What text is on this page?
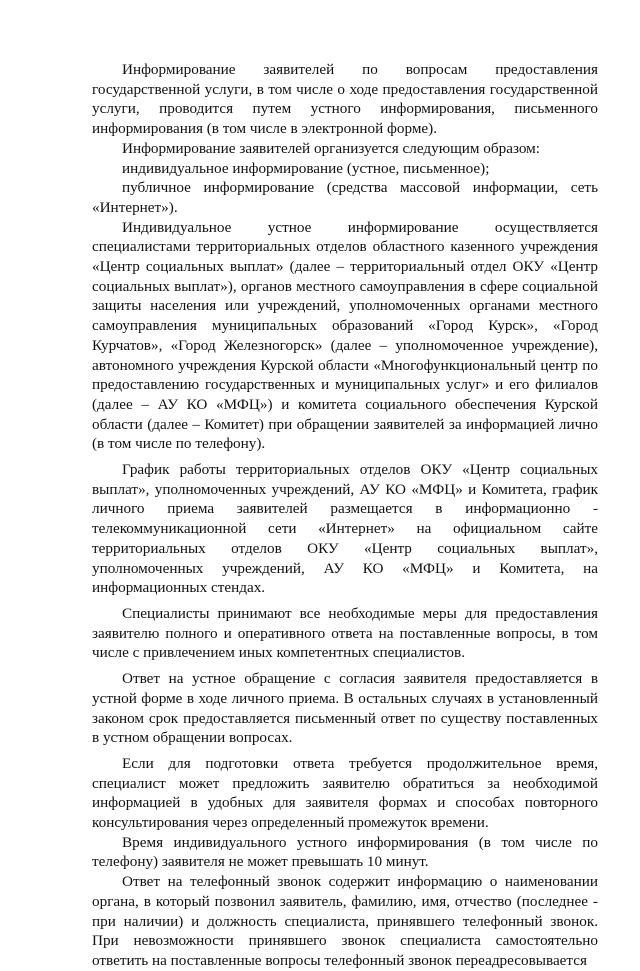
Информирование заявителей по вопросам предоставления государственной услуги, в том числе о ходе предоставления государственной услуги, проводится путем устного информирования, письменного информирования (в том числе в электронной форме).

Информирование заявителей организуется следующим образом:

индивидуальное информирование (устное, письменное);

публичное информирование (средства массовой информации, сеть «Интернет»).

Индивидуальное устное информирование осуществляется специалистами территориальных отделов областного казенного учреждения «Центр социальных выплат» (далее – территориальный отдел ОКУ «Центр социальных выплат»), органов местного самоуправления в сфере социальной защиты населения или учреждений, уполномоченных органами местного самоуправления муниципальных образований «Город Курск», «Город Курчатов», «Город Железногорск» (далее – уполномоченное учреждение), автономного учреждения Курской области «Многофункциональный центр по предоставлению государственных и муниципальных услуг» и его филиалов (далее – АУ КО «МФЦ») и комитета социального обеспечения Курской области (далее – Комитет) при обращении заявителей за информацией лично (в том числе по телефону).

График работы территориальных отделов ОКУ «Центр социальных выплат», уполномоченных учреждений, АУ КО «МФЦ» и Комитета, график личного приема заявителей размещается в информационно - телекоммуникационной сети «Интернет» на официальном сайте территориальных отделов ОКУ «Центр социальных выплат», уполномоченных учреждений, АУ КО «МФЦ» и Комитета, на информационных стендах.

Специалисты принимают все необходимые меры для предоставления заявителю полного и оперативного ответа на поставленные вопросы, в том числе с привлечением иных компетентных специалистов.

Ответ на устное обращение с согласия заявителя предоставляется в устной форме в ходе личного приема. В остальных случаях в установленный законом срок предоставляется письменный ответ по существу поставленных в устном обращении вопросах.

Если для подготовки ответа требуется продолжительное время, специалист может предложить заявителю обратиться за необходимой информацией в удобных для заявителя формах и способах повторного консультирования через определенный промежуток времени.

Время индивидуального устного информирования (в том числе по телефону) заявителя не может превышать 10 минут.

Ответ на телефонный звонок содержит информацию о наименовании органа, в который позвонил заявитель, фамилию, имя, отчество (последнее - при наличии) и должность специалиста, принявшего телефонный звонок. При невозможности принявшего звонок специалиста самостоятельно ответить на поставленные вопросы телефонный звонок переадресовывается
